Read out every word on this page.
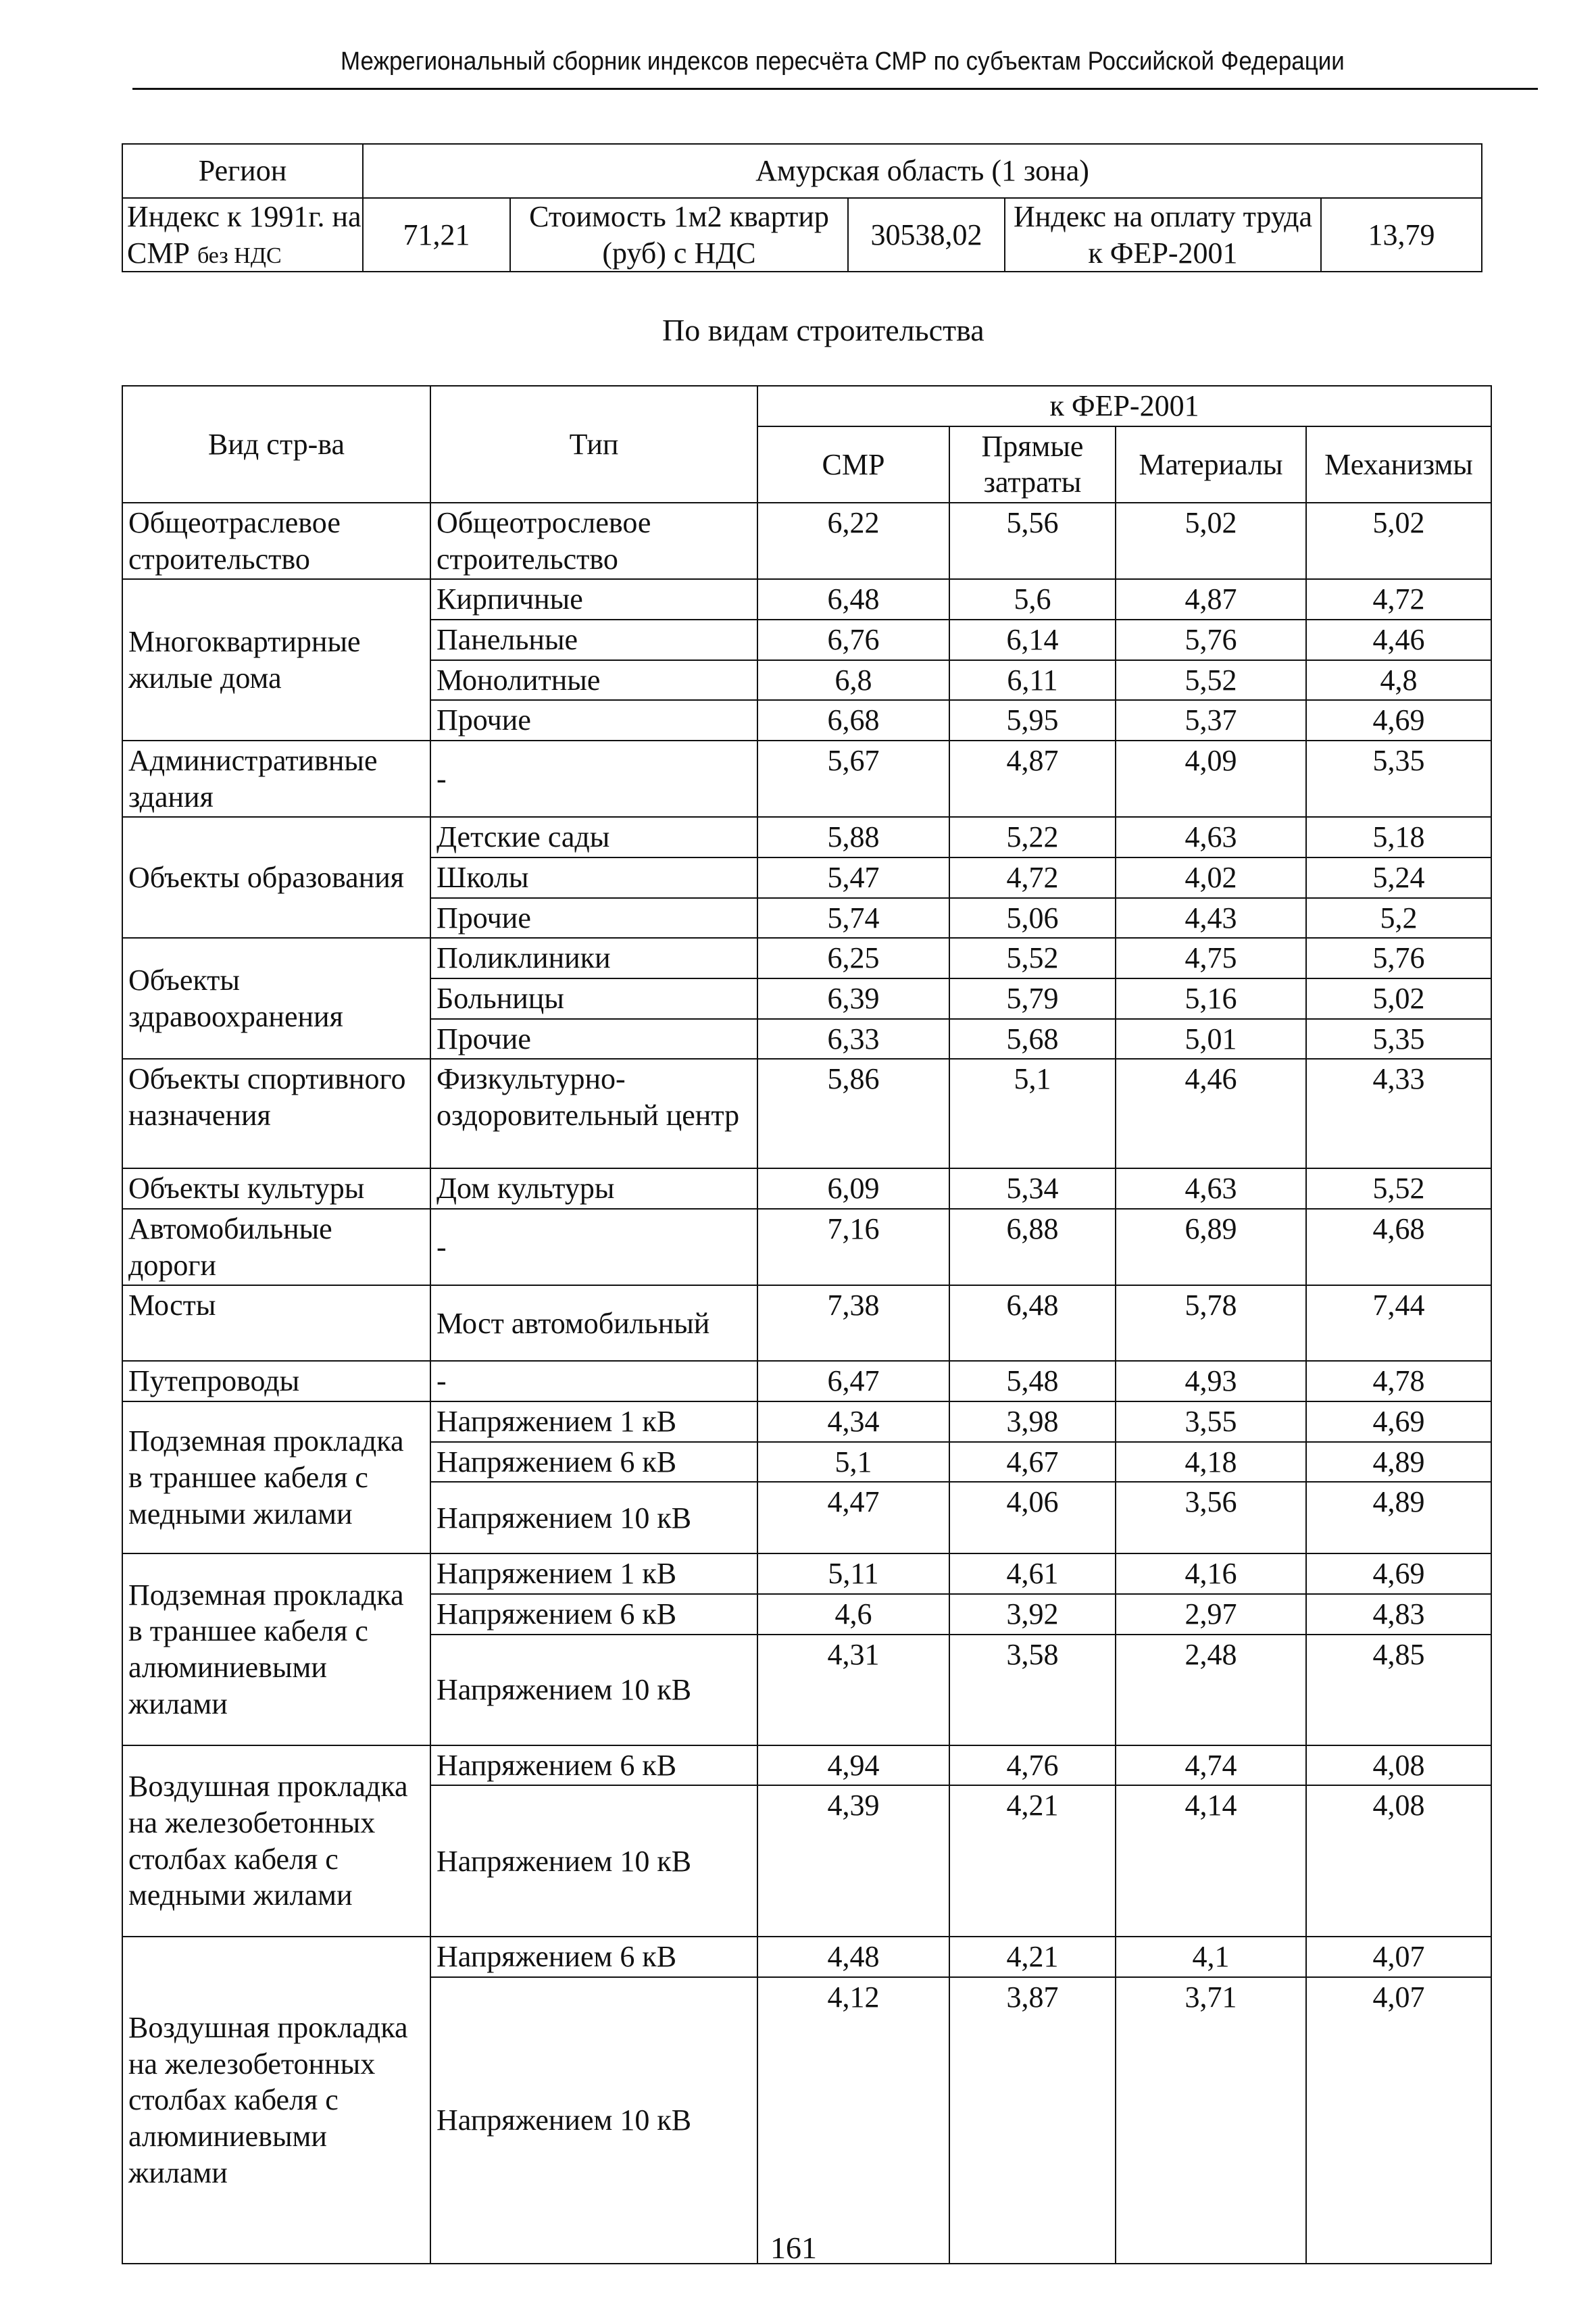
Межрегиональный сборник индексов пересчёта СМР по субъектам Российской Федерации
Регион	Амурская область (1 зона)				
Индекс к 1991г. на СМР без НДС	71,21	Стоимость 1м2 квартир (руб) с НДС	30538,02	Индекс на оплату труда к ФЕР-2001	13,79
По видам строительства
Вид стр-ва	Тип	к ФЕР-2001			
		СМР	Прямые затраты	Материалы	Механизмы
Общеотраслевое строительство	Общеотрослевое строительство	6,22	5,56	5,02	5,02
Многоквартирные жилые дома	Кирпичные	6,48	5,6	4,87	4,72
	Панельные	6,76	6,14	5,76	4,46
	Монолитные	6,8	6,11	5,52	4,8
	Прочие	6,68	5,95	5,37	4,69
Административные здания	-	5,67	4,87	4,09	5,35
Объекты образования	Детские сады	5,88	5,22	4,63	5,18
	Школы	5,47	4,72	4,02	5,24
	Прочие	5,74	5,06	4,43	5,2
Объекты здравоохранения	Поликлиники	6,25	5,52	4,75	5,76
	Больницы	6,39	5,79	5,16	5,02
	Прочие	6,33	5,68	5,01	5,35
Объекты спортивного назначения	Физкультурно-оздоровительный центр	5,86	5,1	4,46	4,33
Объекты культуры	Дом культуры	6,09	5,34	4,63	5,52
Автомобильные дороги	-	7,16	6,88	6,89	4,68
Мосты	Мост автомобильный	7,38	6,48	5,78	7,44
Путепроводы	-	6,47	5,48	4,93	4,78
Подземная прокладка в траншее кабеля с медными жилами	Напряжением 1 кВ	4,34	3,98	3,55	4,69
	Напряжением 6 кВ	5,1	4,67	4,18	4,89
	Напряжением 10 кВ	4,47	4,06	3,56	4,89
Подземная прокладка в траншее кабеля с алюминиевыми жилами	Напряжением 1 кВ	5,11	4,61	4,16	4,69
	Напряжением 6 кВ	4,6	3,92	2,97	4,83
	Напряжением 10 кВ	4,31	3,58	2,48	4,85
Воздушная прокладка на железобетонных столбах кабеля с медными жилами	Напряжением 6 кВ	4,94	4,76	4,74	4,08
	Напряжением 10 кВ	4,39	4,21	4,14	4,08
Воздушная прокладка на железобетонных столбах кабеля с алюминиевыми жилами	Напряжением 6 кВ	4,48	4,21	4,1	4,07
	Напряжением 10 кВ	4,12	3,87	3,71	4,07
161
